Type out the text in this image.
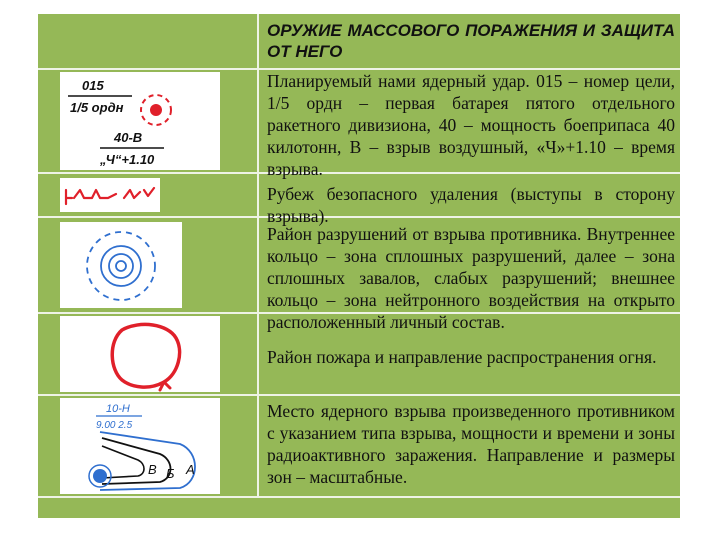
ОРУЖИЕ МАССОВОГО ПОРАЖЕНИЯ И ЗАЩИТА ОТ НЕГО
015
1/5 ордн
40-В
„Ч“+1.10
Планируемый нами ядерный удар. 015 – номер цели, 1/5 ордн – первая батарея пятого отдельного ракетного дивизиона, 40 – мощность боеприпаса 40 килотонн, В – взрыв воздушный, «Ч»+1.10 – время взрыва.
Рубеж безопасного удаления (выступы в сторону взрыва).
Район разрушений от взрыва противника. Внутреннее кольцо – зона сплошных разрушений, далее – зона сплошных завалов, слабых разрушений; внешнее кольцо – зона нейтронного воздействия на открыто расположенный личный состав.
Район пожара и направление распространения огня.
10-Н
9.00 2.5
В Б А
Место ядерного взрыва произведенного противником с указанием типа взрыва, мощности и времени и зоны радиоактивного заражения. Направление и размеры зон – масштабные.
